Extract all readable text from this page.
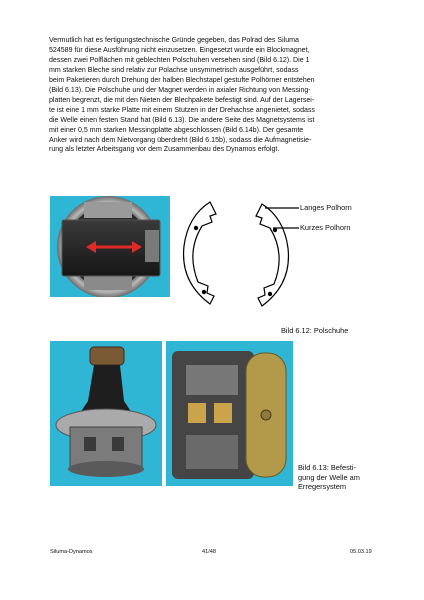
Vermutlich hat es fertigungstechnische Gründe gegeben, das Polrad des Siluma
524589 für diese Ausführung nicht einzusetzen. Eingesetzt wurde ein Blockmagnet,
dessen zwei Polflächen mit geblechten Polschuhen versehen sind (Bild 6.12). Die 1
mm starken Bleche sind relativ zur Polachse unsymmetrisch ausgeführt, sodass
beim Paketieren durch Drehung der halben Blechstapel gestufte Polhörner entstehen
(Bild 6.13). Die Polschuhe und der Magnet werden in axialer Richtung von Messing-
platten begrenzt, die mit den Nieten der Blechpakete befestigt sind. Auf der Lagersei-
te ist eine 1 mm starke Platte mit einem Stutzen in der Drehachse angenietet, sodass
die Welle einen festen Stand hat (Bild 6.13). Die andere Seite des Magnetsystems ist
mit einer 0,5 mm starken Messingplatte abgeschlossen (Bild 6.14b). Der gesamte
Anker wird nach dem Nietvorgang überdreht (Bild 6.15b), sodass die Aufmagnetisie-
rung als letzter Arbeitsgang vor dem Zusammenbau des Dynamos erfolgt.

Langes Polhorn
Kurzes Polhorn
Bild 6.12: Polschuhe
Bild 6.13: Befesti-
gung der Welle am
Erregersystem
Siluma-Dynamos	41/48	05.03.19
